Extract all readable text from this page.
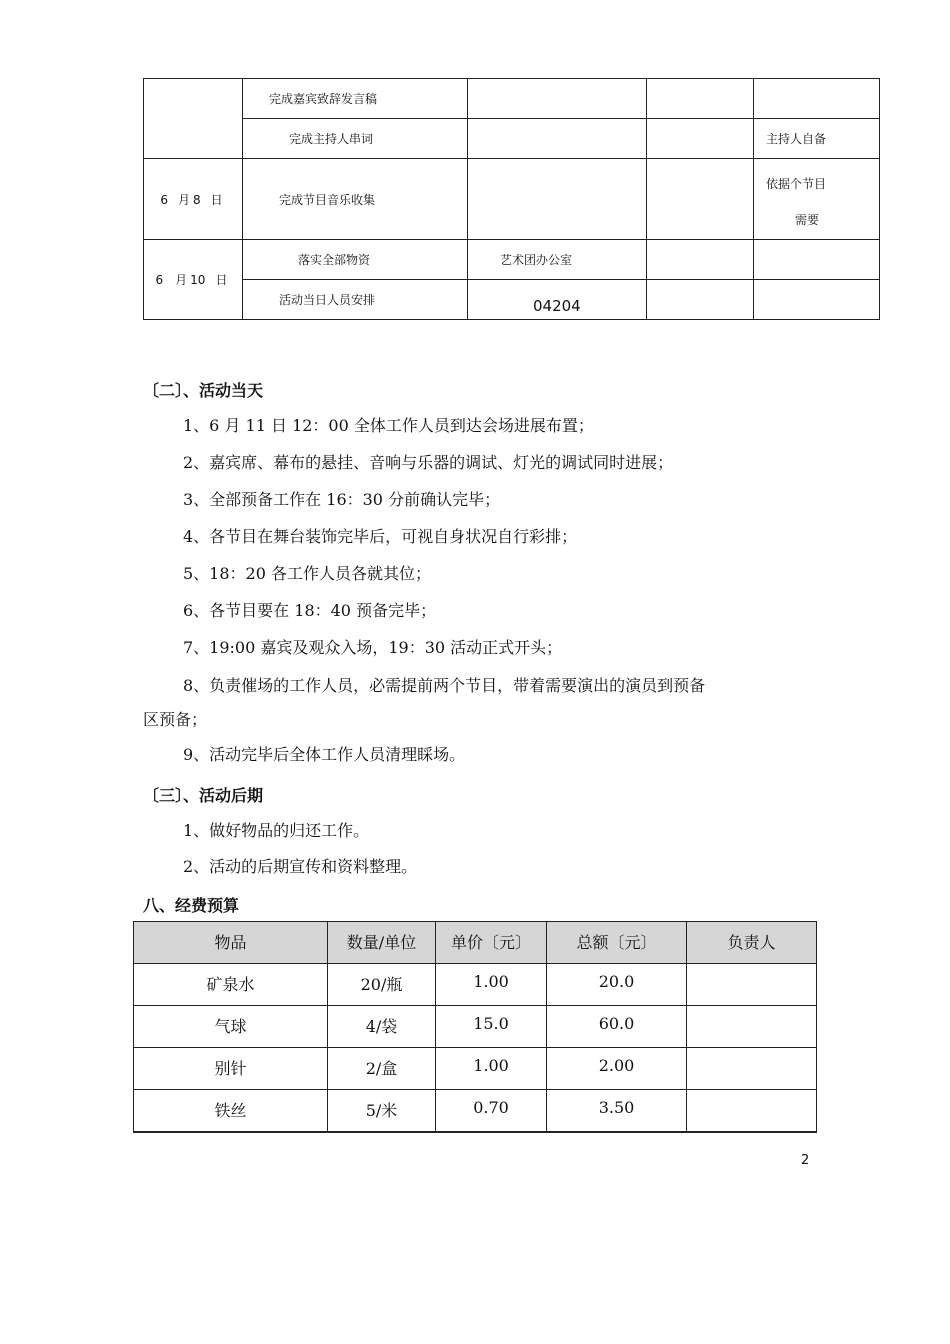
	完成嘉宾致辞发言稿			
	完成主持人串词			主持人自备
6 月 8 日	完成节目音乐收集			依据个节目
需要

6 月 10 日	落实全部物资	艺术团办公室		
	活动当日人员安排	04204		
〔二〕、活动当天
1、6 月 11 日 12：00 全体工作人员到达会场进展布置；
2、嘉宾席、幕布的悬挂、音响与乐器的调试、灯光的调试同时进展；
3、全部预备工作在 16：30 分前确认完毕；
4、各节目在舞台装饰完毕后，可视自身状况自行彩排；
5、18：20 各工作人员各就其位；
6、各节目要在 18：40 预备完毕；
7、19:00 嘉宾及观众入场，19：30 活动正式开头；
8、负责催场的工作人员，必需提前两个节目，带着需要演出的演员到预备
区预备；
9、活动完毕后全体工作人员清理睬场。
〔三〕、活动后期
1、做好物品的归还工作。
2、活动的后期宣传和资料整理。
八、经费预算
物品	数量/单位	单价〔元〕	总额〔元〕	负责人
矿泉水	20/瓶	1.00	20.0	
气球	4/袋	15.0	60.0	
别针	2/盒	1.00	2.00	
铁丝	5/米	0.70	3.50	
2
